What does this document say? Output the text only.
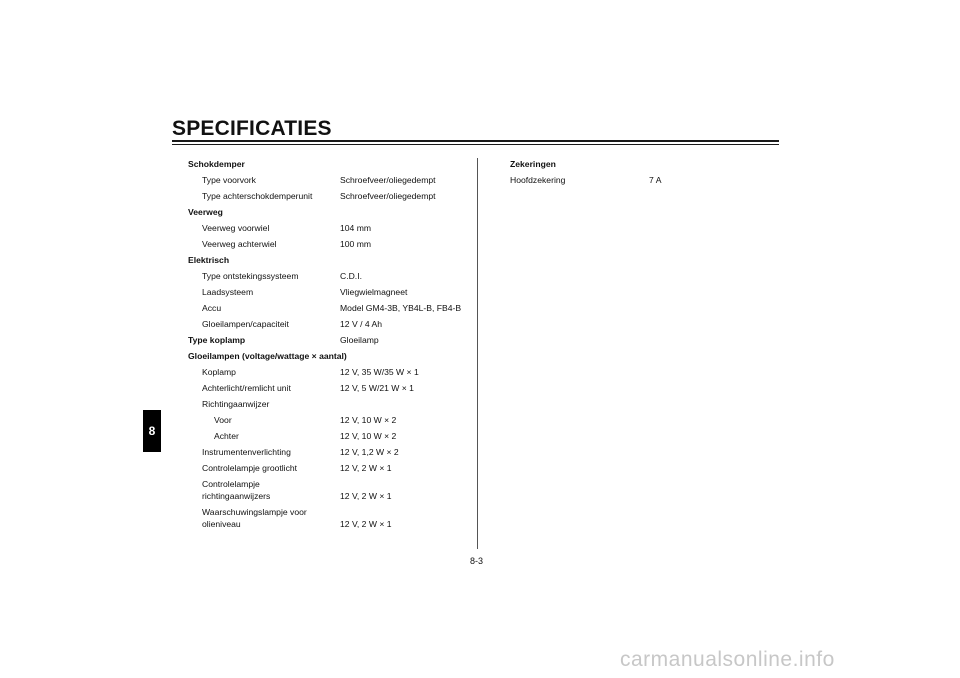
SPECIFICATIES
8
Schokdemper
Type voorvork	Schroefveer/oliegedempt
Type achterschokdemperunit	Schroefveer/oliegedempt
Veerweg
Veerweg voorwiel	104 mm
Veerweg achterwiel	100 mm
Elektrisch
Type ontstekingssysteem	C.D.I.
Laadsysteem	Vliegwielmagneet
Accu	Model GM4-3B, YB4L-B, FB4-B
Gloeilampen/capaciteit	12 V / 4 Ah
Type koplamp	Gloeilamp
Gloeilampen (voltage/wattage × aantal)
Koplamp	12 V, 35 W/35 W × 1
Achterlicht/remlicht unit	12 V, 5 W/21 W × 1
Richtingaanwijzer
Voor	12 V, 10 W × 2
Achter	12 V, 10 W × 2
Instrumentenverlichting	12 V, 1,2 W × 2
Controlelampje grootlicht	12 V, 2 W × 1
Controlelampje
richtingaanwijzers	12 V, 2 W × 1
Waarschuwingslampje voor
olieniveau	12 V, 2 W × 1
Zekeringen
Hoofdzekering	7 A
8-3
carmanualsonline.info
